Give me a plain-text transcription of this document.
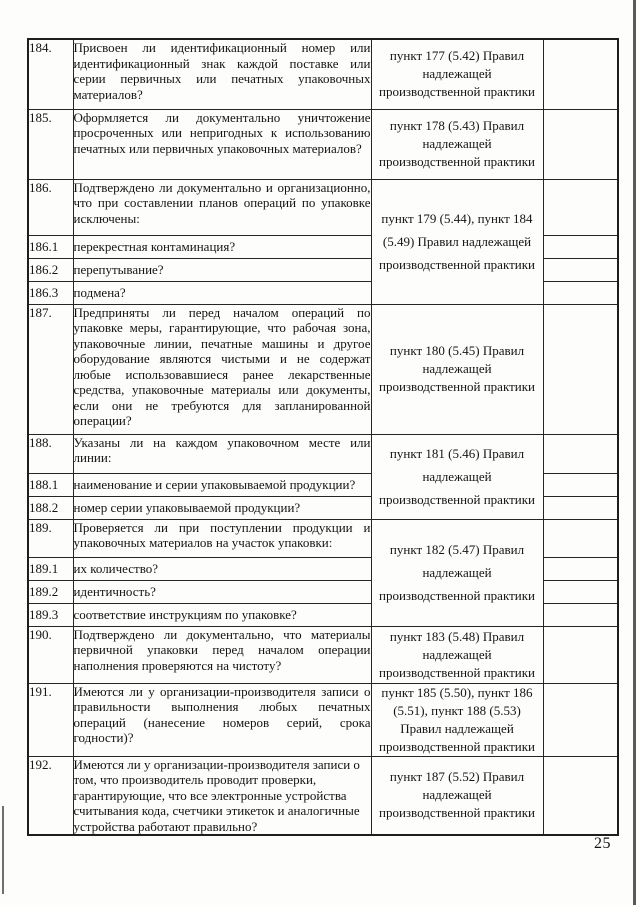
184.	Присвоен ли идентификационный номер или идентификационный знак каждой поставке или серии первичных или печатных упаковочных материалов?	пункт 177 (5.42) Правил надлежащей производственной практики	
185.	Оформляется ли документально уничтожение просроченных или непригодных к использованию печатных или первичных упаковочных материалов?	пункт 178 (5.43) Правил надлежащей производственной практики	
186.	Подтверждено ли документально и организационно, что при составлении планов операций по упаковке исключены:	пункт 179 (5.44), пункт 184 (5.49) Правил надлежащей производственной практики	
186.1	перекрестная контаминация?		
186.2	перепутывание?		
186.3	подмена?		
187.	Предприняты ли перед началом операций по упаковке меры, гарантирующие, что рабочая зона, упаковочные линии, печатные машины и другое оборудование являются чистыми и не содержат любые использовавшиеся ранее лекарственные средства, упаковочные материалы или документы, если они не требуются для запланированной операции?	пункт 180 (5.45) Правил надлежащей производственной практики	
188.	Указаны ли на каждом упаковочном месте или линии:	пункт 181 (5.46) Правил надлежащей производственной практики	
188.1	наименование и серии упаковываемой продукции?		
188.2	номер серии упаковываемой продукции?		
189.	Проверяется ли при поступлении продукции и упаковочных материалов на участок упаковки:	пункт 182 (5.47) Правил надлежащей производственной практики	
189.1	их количество?		
189.2	идентичность?		
189.3	соответствие инструкциям по упаковке?		
190.	Подтверждено ли документально, что материалы первичной упаковки перед началом операции наполнения проверяются на чистоту?	пункт 183 (5.48) Правил надлежащей производственной практики	
191.	Имеются ли у организации-производителя записи о правильности выполнения любых печатных операций (нанесение номеров серий, срока годности)?	пункт 185 (5.50), пункт 186 (5.51), пункт 188 (5.53) Правил надлежащей производственной практики	
192.	Имеются ли у организации-производителя записи о том, что производитель проводит проверки, гарантирующие, что все электронные устройства считывания кода, счетчики этикеток и аналогичные устройства работают правильно?	пункт 187 (5.52) Правил надлежащей производственной практики	
25
